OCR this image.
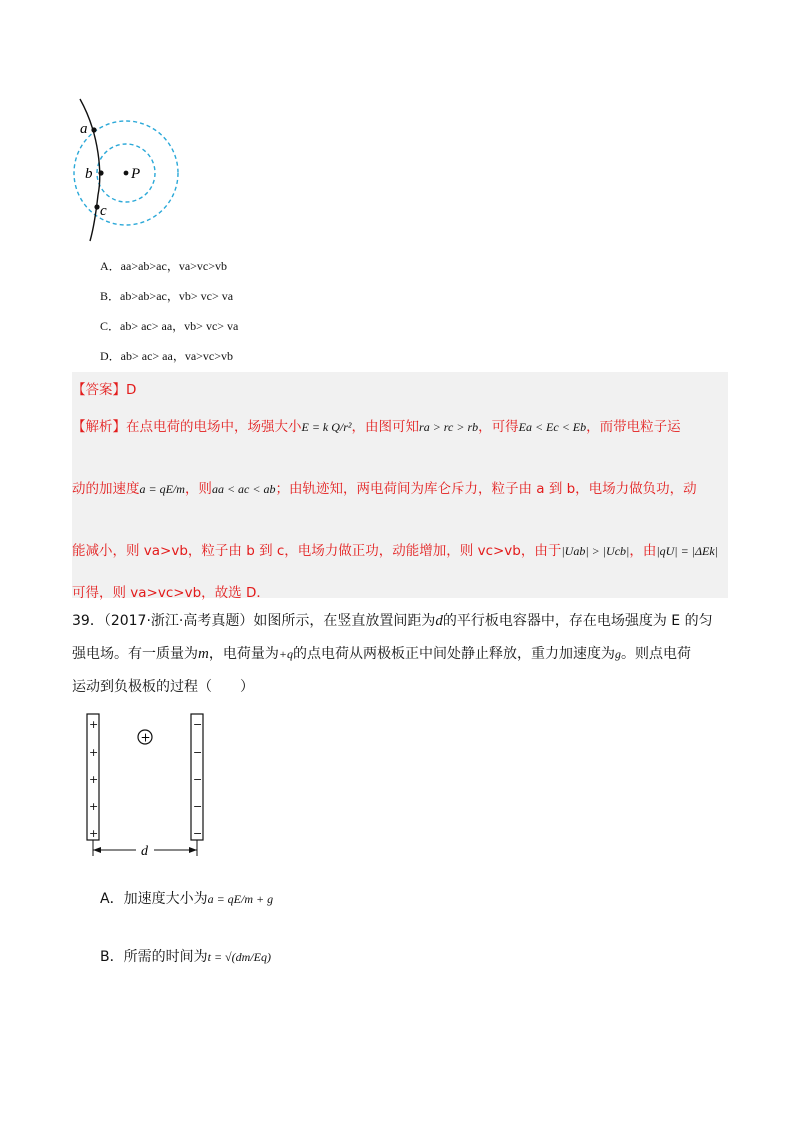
a
b
c
P
A．aa>ab>ac，va>vc>vb
B．ab>ab>ac，vb> vc> va
C．ab> ac> aa，vb> vc> va
D．ab> ac> aa，va>vc>vb
【答案】D
【解析】在点电荷的电场中，场强大小E = k Q/r²，由图可知ra > rc > rb，可得Ea < Ec < Eb，而带电粒子运
动的加速度a = qE/m，则aa < ac < ab；由轨迹知，两电荷间为库仑斥力，粒子由 a 到 b，电场力做负功，动
能减小，则 va>vb，粒子由 b 到 c，电场力做正功，动能增加，则 vc>vb，由于|Uab| > |Ucb|，由|qU| = |ΔEk|
可得，则 va>vc>vb，故选 D．
39．（2017·浙江·高考真题）如图所示，在竖直放置间距为d的平行板电容器中，存在电场强度为 E 的匀
强电场。有一质量为m，电荷量为+q的点电荷从两极板正中间处静止释放，重力加速度为g。则点电荷
运动到负极板的过程（　　）
+
+
+
+
+
−
−
−
−
−
+
d
A．加速度大小为a = qE/m + g
B．所需的时间为t = √(dm/Eq)
